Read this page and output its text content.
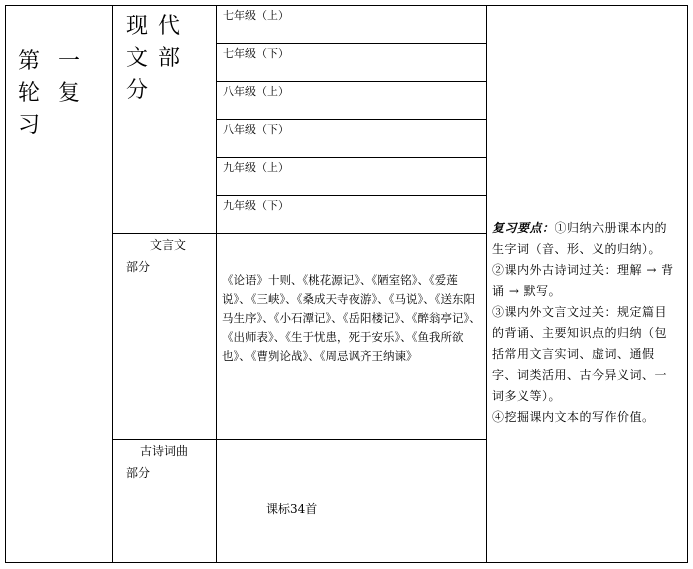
第
轮
习
一
复
现代
文部
分
七年级（上）
七年级（下）
八年级（上）
八年级（下）
九年级（上）
九年级（下）
文言文
部分
《论语》十则、《桃花源记》、《陋室铭》、《爱莲说》、《三峡》、《桑成天寺夜游》、《马说》、《送东阳马生序》、《小石潭记》、《岳阳楼记》、《醉翁亭记》、《出师表》、《生于忧患，死于安乐》、《鱼我所欲也》、《曹刿论战》、《周忌讽齐王纳谏》
古诗词曲
部分
课标34首
复习要点：①归纳六册课本内的生字词（音、形、义的归纳）。
②课内外古诗词过关：理解 → 背诵 → 默写。
③课内外文言文过关：规定篇目的背诵、主要知识点的归纳（包括常用文言实词、虚词、通假字、词类活用、古今异义词、一词多义等）。
④挖掘课内文本的写作价值。
